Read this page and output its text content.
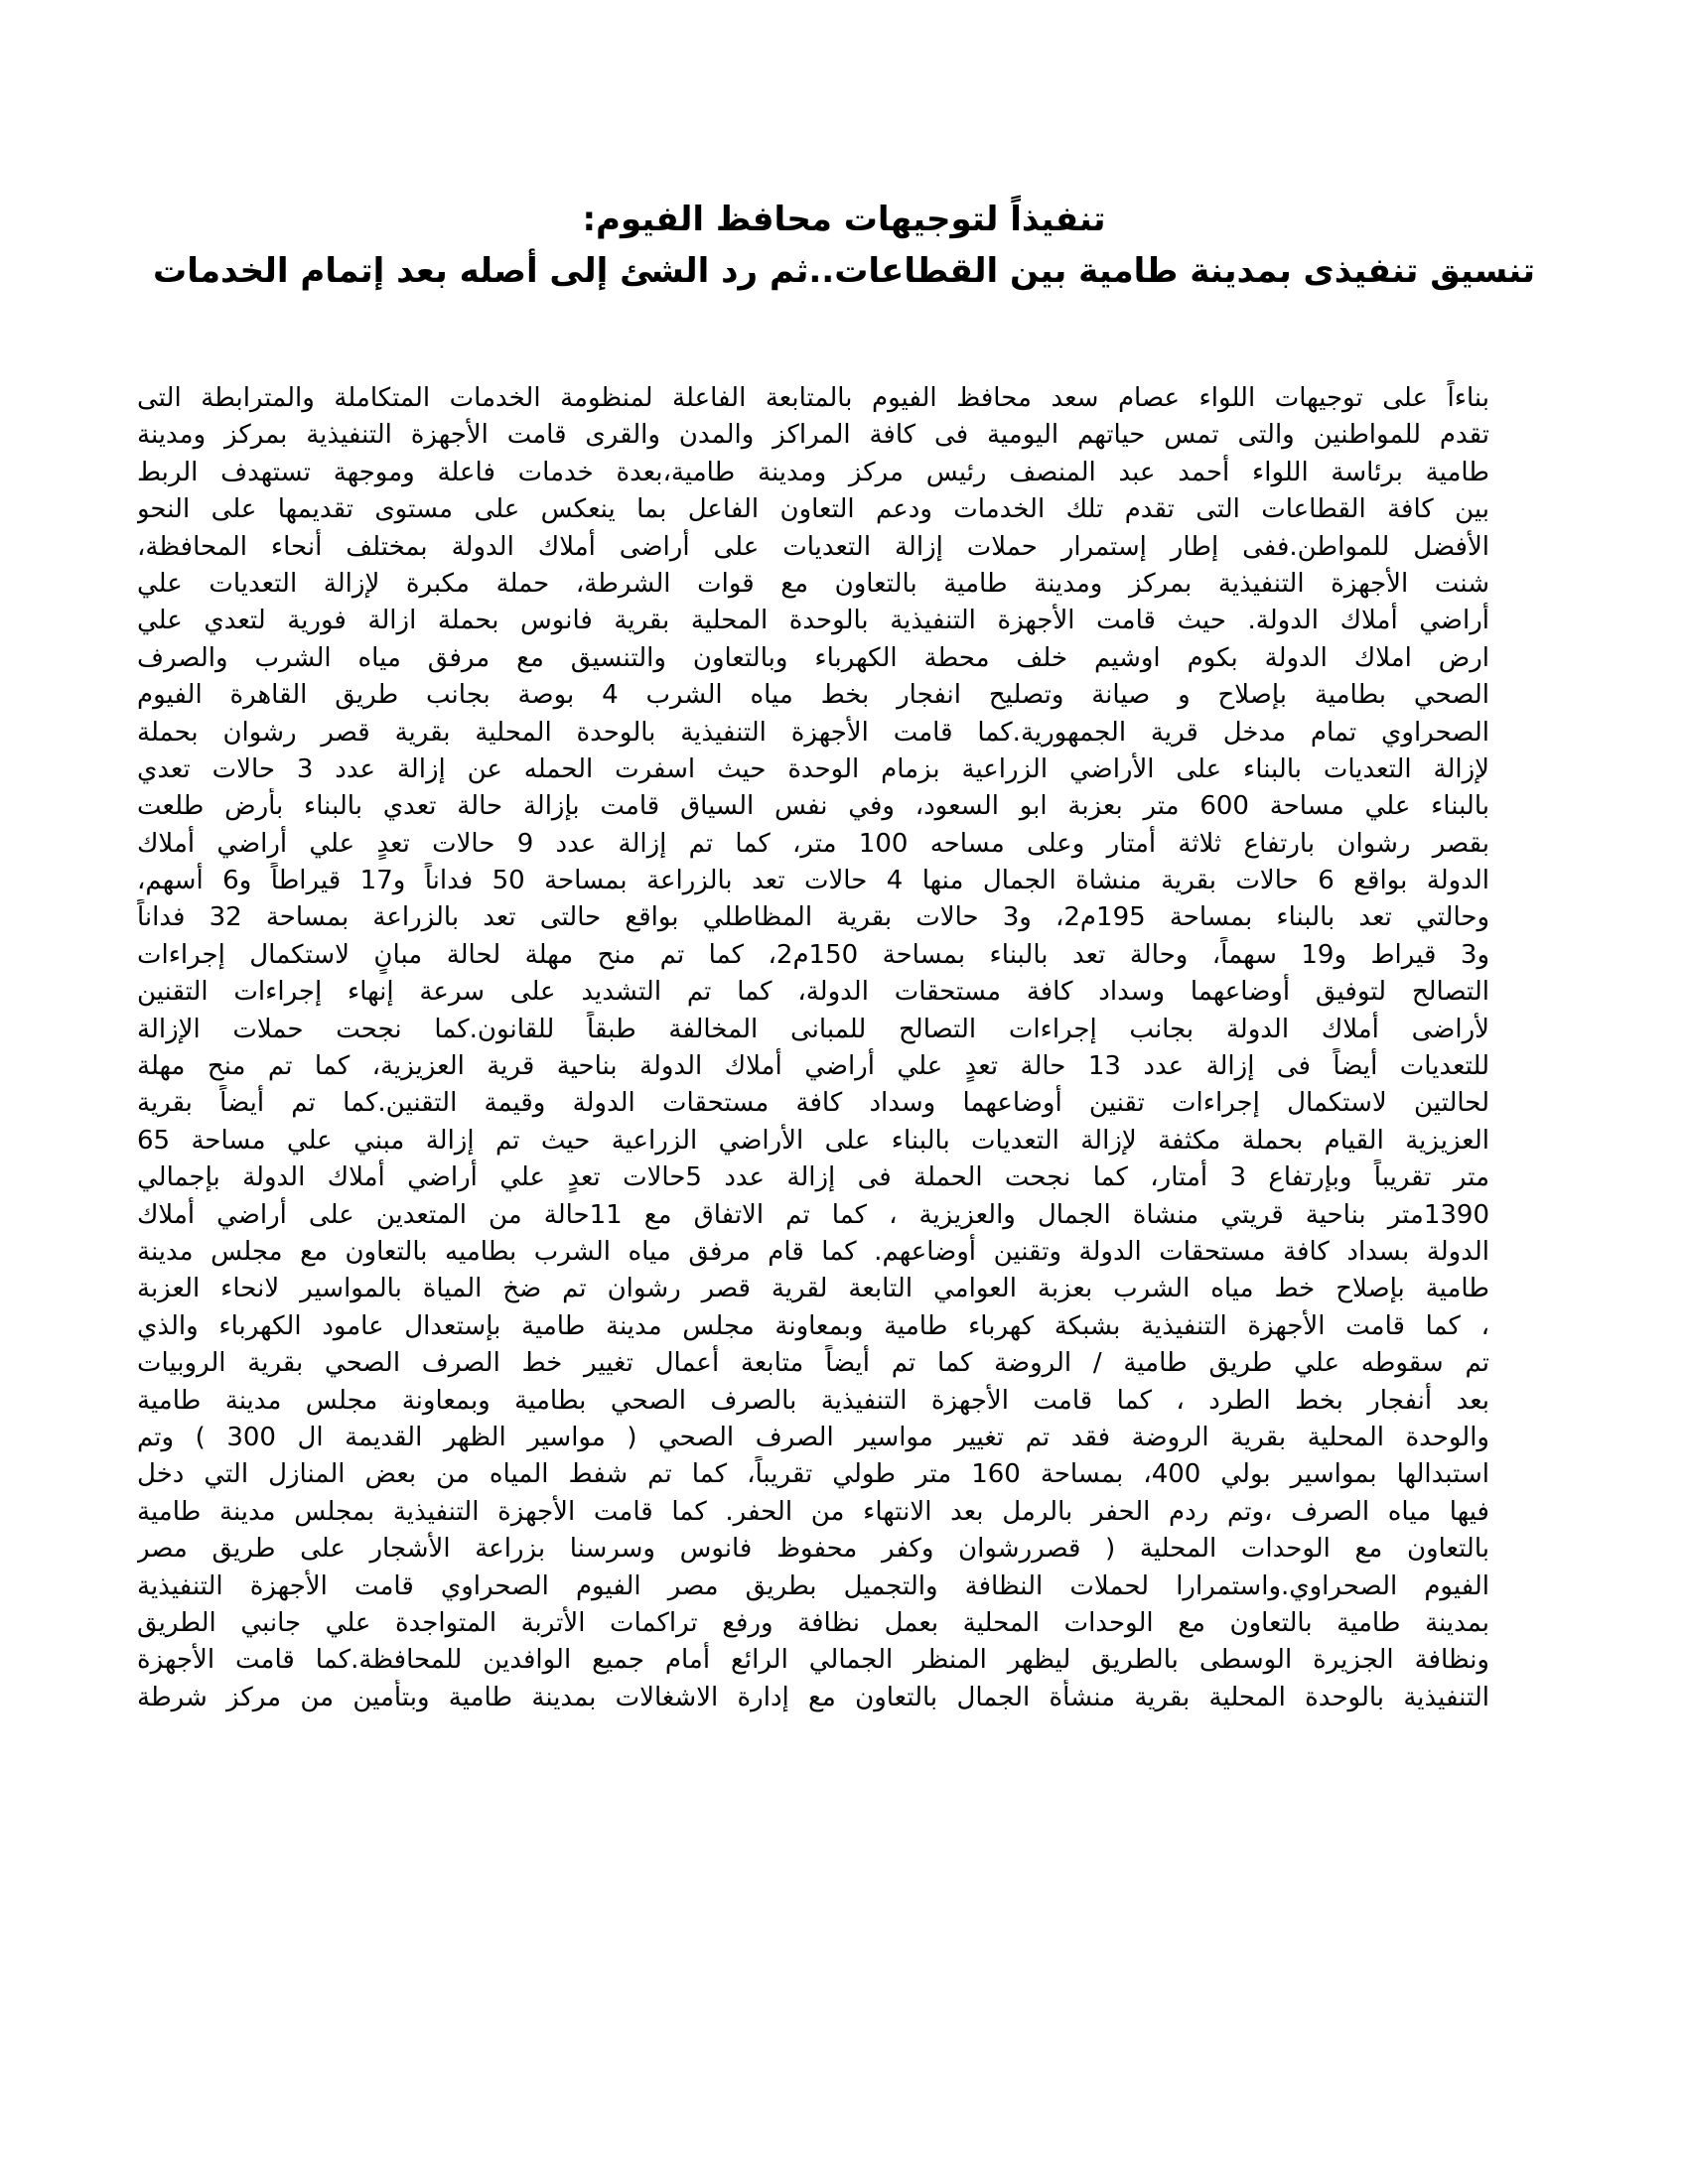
تنفيذاً لتوجيهات محافظ الفيوم:

تنسيق تنفيذى بمدينة طامية بين القطاعات..ثم رد الشئ إلى أصله بعد إتمام الخدمات

بناءاً على توجيهات اللواء عصام سعد محافظ الفيوم بالمتابعة الفاعلة لمنظومة الخدمات المتكاملة والمترابطة التى
تقدم للمواطنين والتى تمس حياتهم اليومية فى كافة المراكز والمدن والقرى قامت الأجهزة التنفيذية بمركز ومدينة
طامية برئاسة اللواء أحمد عبد المنصف رئيس مركز ومدينة طامية،بعدة خدمات فاعلة وموجهة تستهدف الربط
بين كافة القطاعات التى تقدم تلك الخدمات ودعم التعاون الفاعل بما ينعكس على مستوى تقديمها على النحو
الأفضل للمواطن.ففى إطار إستمرار حملات إزالة التعديات على أراضى أملاك الدولة بمختلف أنحاء المحافظة،
شنت الأجهزة التنفيذية بمركز ومدينة طامية بالتعاون مع قوات الشرطة، حملة مكبرة لإزالة التعديات علي
أراضي أملاك الدولة. حيث قامت الأجهزة التنفيذية بالوحدة المحلية بقرية فانوس بحملة ازالة فورية لتعدي علي
ارض املاك الدولة بكوم اوشيم خلف محطة الكهرباء وبالتعاون والتنسيق مع مرفق مياه الشرب والصرف
الصحي بطامية بإصلاح و صيانة وتصليح انفجار بخط مياه الشرب 4 بوصة بجانب طريق القاهرة الفيوم
الصحراوي تمام مدخل قرية الجمهورية.كما قامت الأجهزة التنفيذية بالوحدة المحلية بقرية قصر رشوان بحملة
لإزالة التعديات بالبناء على الأراضي الزراعية بزمام الوحدة حيث اسفرت الحمله عن إزالة عدد 3 حالات تعدي
بالبناء علي مساحة 600 متر بعزبة ابو السعود، وفي نفس السياق قامت بإزالة حالة تعدي بالبناء بأرض طلعت
بقصر رشوان بارتفاع ثلاثة أمتار وعلى مساحه 100 متر، كما تم إزالة عدد 9 حالات تعدٍ علي أراضي أملاك
الدولة بواقع 6 حالات بقرية منشاة الجمال منها 4 حالات تعد بالزراعة بمساحة 50 فداناً و17 قيراطاً و6 أسهم،
وحالتي تعد بالبناء بمساحة 195م2، و3 حالات بقرية المظاطلي بواقع حالتى تعد بالزراعة بمساحة 32 فداناً
و3 قيراط و19 سهماً، وحالة تعد بالبناء بمساحة 150م2، كما تم منح مهلة لحالة مبانٍ لاستكمال إجراءات
التصالح لتوفيق أوضاعهما وسداد كافة مستحقات الدولة، كما تم التشديد على سرعة إنهاء إجراءات التقنين
لأراضى أملاك الدولة بجانب إجراءات التصالح للمبانى المخالفة طبقاً للقانون.كما نجحت حملات الإزالة
للتعديات أيضاً فى إزالة عدد 13 حالة تعدٍ علي أراضي أملاك الدولة بناحية قرية العزيزية، كما تم منح مهلة
لحالتين لاستكمال إجراءات تقنين أوضاعهما وسداد كافة مستحقات الدولة وقيمة التقنين.كما تم أيضاً بقرية
العزيزية القيام بحملة مكثفة لإزالة التعديات بالبناء على الأراضي الزراعية حيث تم إزالة مبني علي مساحة 65
متر تقريباً وبإرتفاع 3 أمتار، كما نجحت الحملة فى إزالة عدد 5حالات تعدٍ علي أراضي أملاك الدولة بإجمالي
1390متر بناحية قريتي منشاة الجمال والعزيزية ، كما تم الاتفاق مع 11حالة من المتعدين على أراضي أملاك
الدولة بسداد كافة مستحقات الدولة وتقنين أوضاعهم. كما قام مرفق مياه الشرب بطاميه بالتعاون مع مجلس مدينة
طامية بإصلاح خط مياه الشرب بعزبة العوامي التابعة لقرية قصر رشوان تم ضخ المياة بالمواسير لانحاء العزبة
، كما قامت الأجهزة التنفيذية بشبكة كهرباء طامية وبمعاونة مجلس مدينة طامية بإستعدال عامود الكهرباء والذي
تم سقوطه علي طريق طامية / الروضة كما تم أيضاً متابعة أعمال تغيير خط الصرف الصحي بقرية الروبيات
بعد أنفجار بخط الطرد ، كما قامت الأجهزة التنفيذية بالصرف الصحي بطامية وبمعاونة مجلس مدينة طامية
والوحدة المحلية بقرية الروضة فقد تم تغيير مواسير الصرف الصحي ( مواسير الظهر القديمة ال 300 ) وتم
استبدالها بمواسير بولي 400، بمساحة 160 متر طولي تقريباً، كما تم شفط المياه من بعض المنازل التي دخل
فيها مياه الصرف ،وتم ردم الحفر بالرمل بعد الانتهاء من الحفر. كما قامت الأجهزة التنفيذية بمجلس مدينة طامية
بالتعاون مع الوحدات المحلية ( قصررشوان وكفر محفوظ فانوس وسرسنا بزراعة الأشجار على طريق مصر
الفيوم الصحراوي.واستمرارا لحملات النظافة والتجميل بطريق مصر الفيوم الصحراوي قامت الأجهزة التنفيذية
بمدينة طامية بالتعاون مع الوحدات المحلية بعمل نظافة ورفع تراكمات الأتربة المتواجدة علي جانبي الطريق
ونظافة الجزيرة الوسطى بالطريق ليظهر المنظر الجمالي الرائع أمام جميع الوافدين للمحافظة.كما قامت الأجهزة
التنفيذية بالوحدة المحلية بقرية منشأة الجمال بالتعاون مع إدارة الاشغالات بمدينة طامية وبتأمين من مركز شرطة
